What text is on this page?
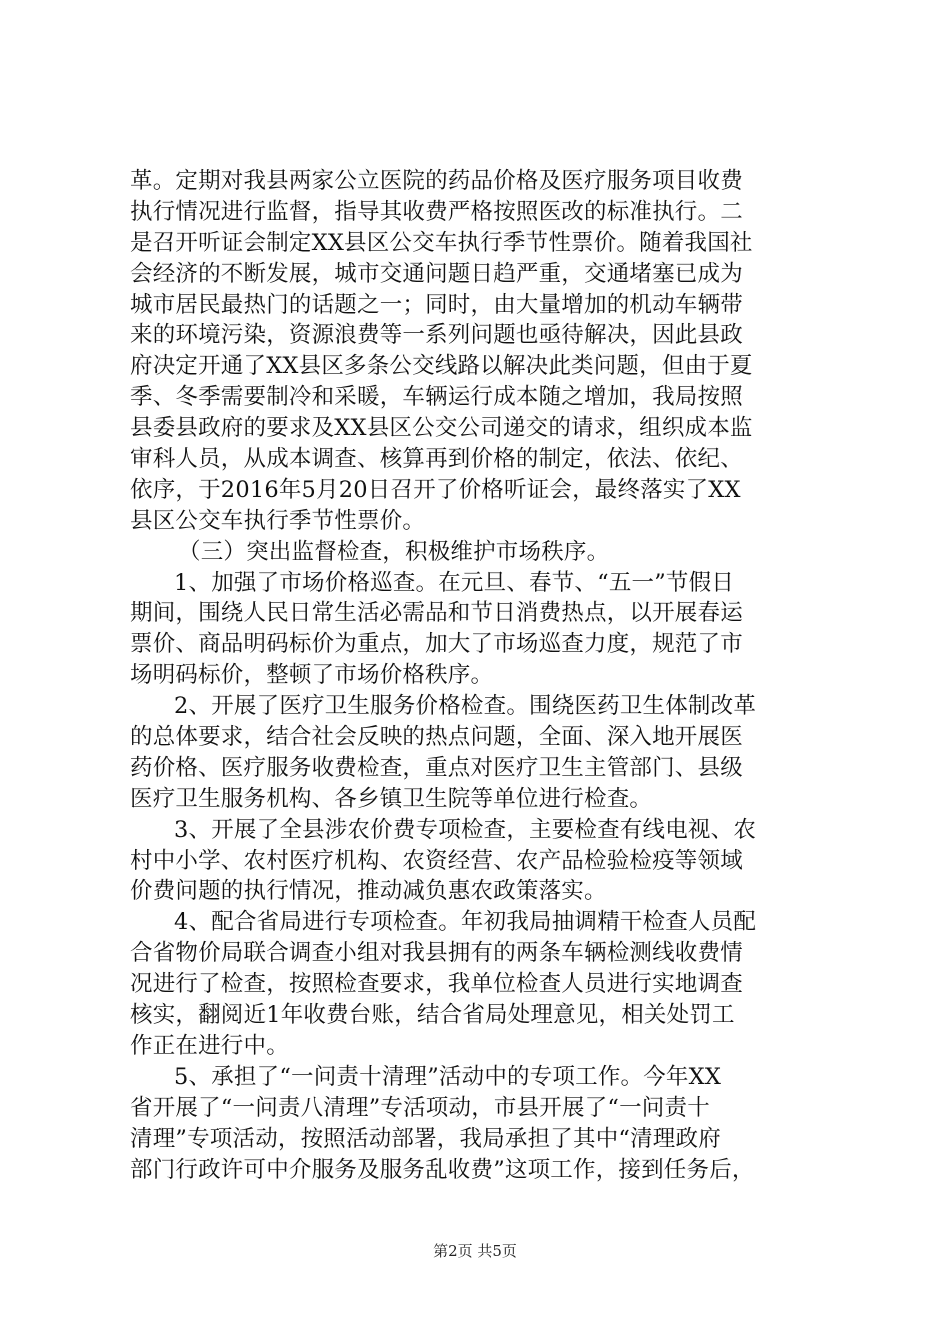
革。定期对我县两家公立医院的药品价格及医疗服务项目收费
执行情况进行监督，指导其收费严格按照医改的标准执行。二
是召开听证会制定XX县区公交车执行季节性票价。随着我国社
会经济的不断发展，城市交通问题日趋严重，交通堵塞已成为
城市居民最热门的话题之一；同时，由大量增加的机动车辆带
来的环境污染，资源浪费等一系列问题也亟待解决，因此县政
府决定开通了XX县区多条公交线路以解决此类问题，但由于夏
季、冬季需要制冷和采暖，车辆运行成本随之增加，我局按照
县委县政府的要求及XX县区公交公司递交的请求，组织成本监
审科人员，从成本调查、核算再到价格的制定，依法、依纪、
依序，于2016年5月20日召开了价格听证会，最终落实了XX
县区公交车执行季节性票价。
（三）突出监督检查，积极维护市场秩序。
1、加强了市场价格巡查。在元旦、春节、“五一”节假日
期间，围绕人民日常生活必需品和节日消费热点，以开展春运
票价、商品明码标价为重点，加大了市场巡查力度，规范了市
场明码标价，整顿了市场价格秩序。
2、开展了医疗卫生服务价格检查。围绕医药卫生体制改革
的总体要求，结合社会反映的热点问题，全面、深入地开展医
药价格、医疗服务收费检查，重点对医疗卫生主管部门、县级
医疗卫生服务机构、各乡镇卫生院等单位进行检查。
3、开展了全县涉农价费专项检查，主要检查有线电视、农
村中小学、农村医疗机构、农资经营、农产品检验检疫等领域
价费问题的执行情况，推动减负惠农政策落实。
4、配合省局进行专项检查。年初我局抽调精干检查人员配
合省物价局联合调查小组对我县拥有的两条车辆检测线收费情
况进行了检查，按照检查要求，我单位检查人员进行实地调查
核实，翻阅近1年收费台账，结合省局处理意见，相关处罚工
作正在进行中。
5、承担了“一问责十清理”活动中的专项工作。今年XX
省开展了“一问责八清理”专活项动，市县开展了“一问责十
清理”专项活动，按照活动部署，我局承担了其中“清理政府
部门行政许可中介服务及服务乱收费”这项工作，接到任务后，
第2页 共5页
